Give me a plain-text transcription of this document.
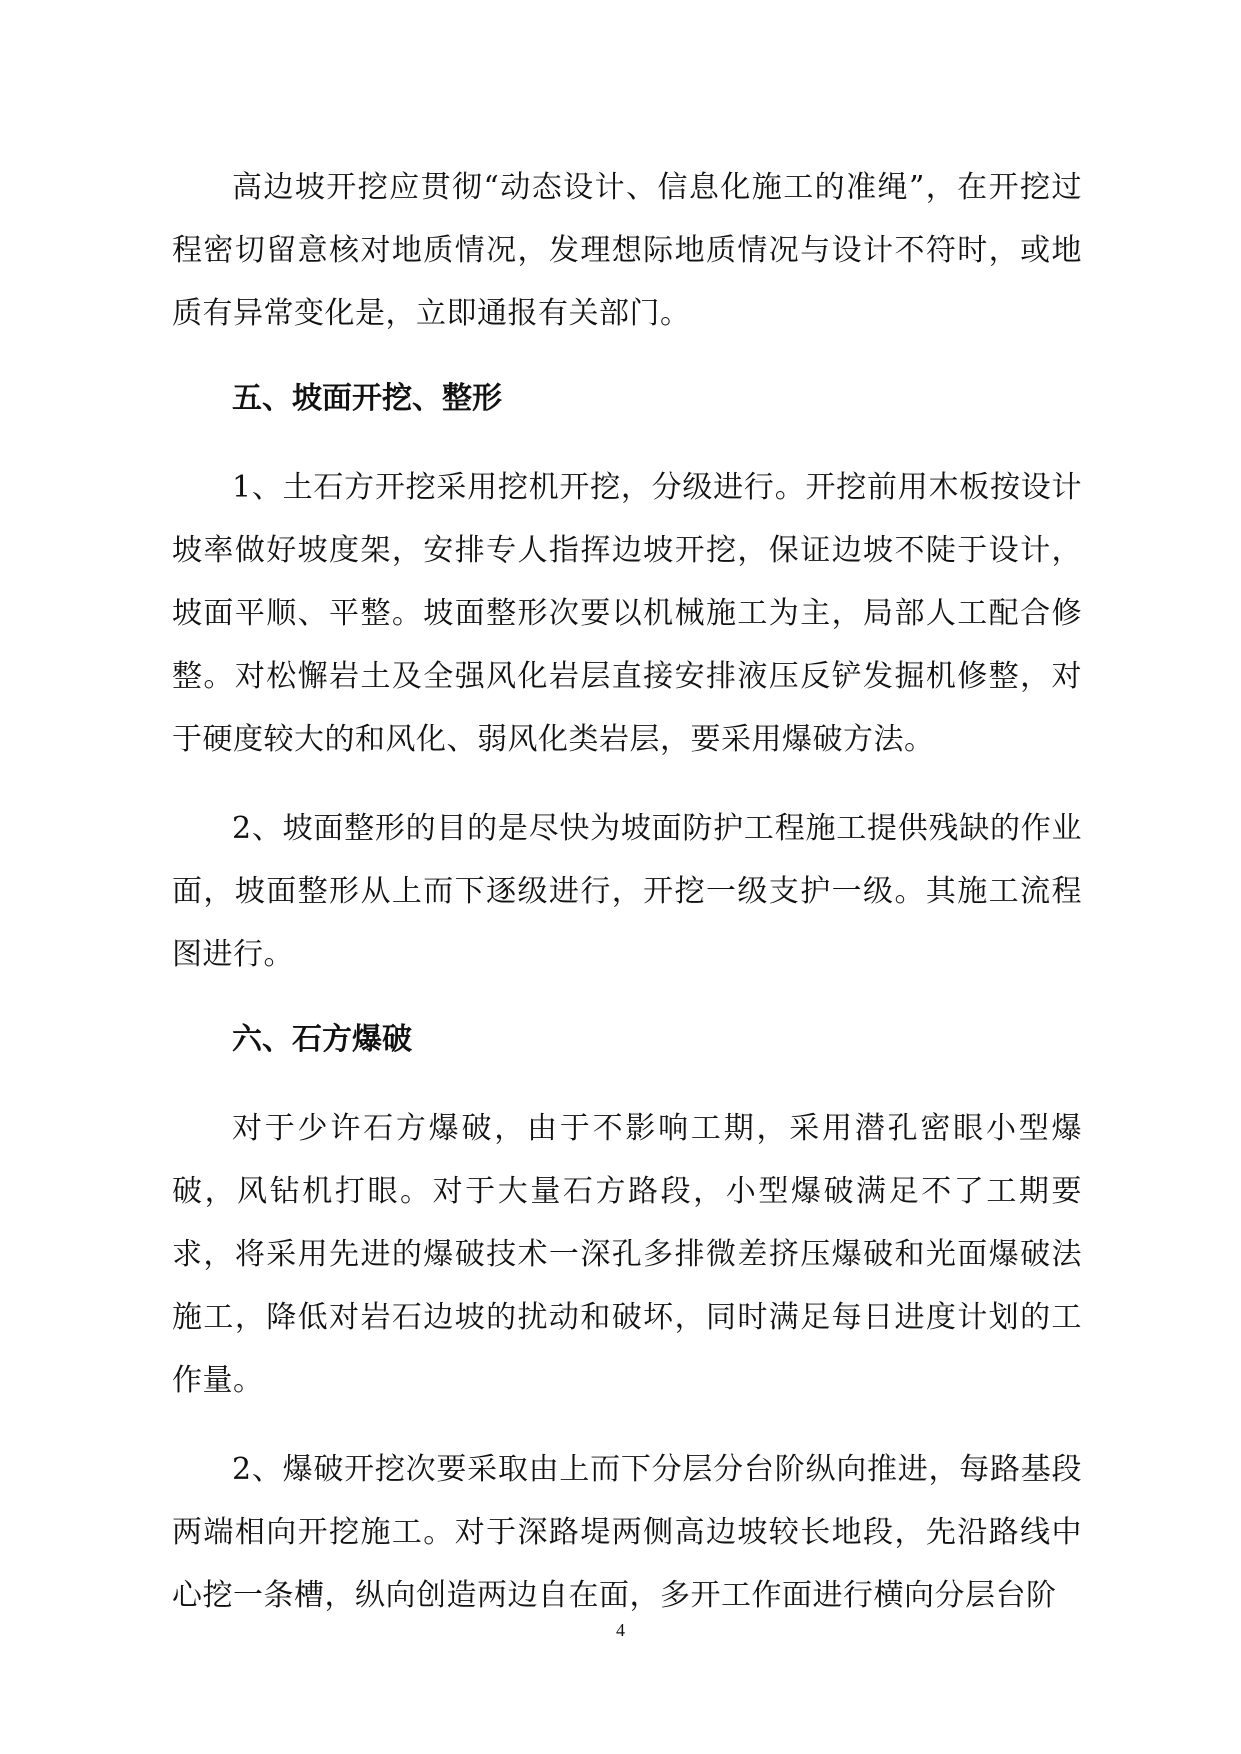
高边坡开挖应贯彻“动态设计、信息化施工的准绳”，在开挖过程密切留意核对地质情况，发理想际地质情况与设计不符时，或地质有异常变化是，立即通报有关部门。

五、坡面开挖、整形

1、土石方开挖采用挖机开挖，分级进行。开挖前用木板按设计坡率做好坡度架，安排专人指挥边坡开挖，保证边坡不陡于设计，坡面平顺、平整。坡面整形次要以机械施工为主，局部人工配合修整。对松懈岩土及全强风化岩层直接安排液压反铲发掘机修整，对于硬度较大的和风化、弱风化类岩层，要采用爆破方法。

2、坡面整形的目的是尽快为坡面防护工程施工提供残缺的作业面，坡面整形从上而下逐级进行，开挖一级支护一级。其施工流程图进行。

六、石方爆破

对于少许石方爆破，由于不影响工期，采用潜孔密眼小型爆破，风钻机打眼。对于大量石方路段，小型爆破满足不了工期要求，将采用先进的爆破技术一深孔多排微差挤压爆破和光面爆破法施工，降低对岩石边坡的扰动和破坏，同时满足每日进度计划的工作量。

2、爆破开挖次要采取由上而下分层分台阶纵向推进，每路基段两端相向开挖施工。对于深路堤两侧高边坡较长地段，先沿路线中心挖一条槽，纵向创造两边自在面，多开工作面进行横向分层台阶

4
